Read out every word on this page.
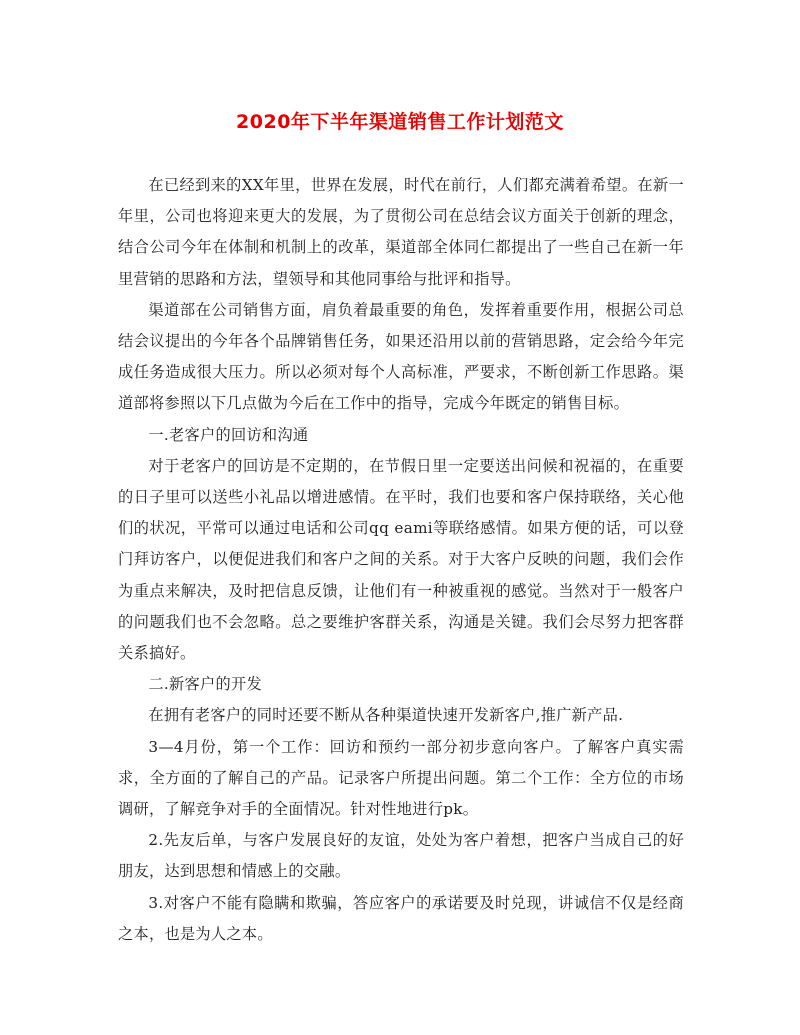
2020年下半年渠道销售工作计划范文

在已经到来的XX年里，世界在发展，时代在前行，人们都充满着希望。在新一年里，公司也将迎来更大的发展，为了贯彻公司在总结会议方面关于创新的理念，结合公司今年在体制和机制上的改革，渠道部全体同仁都提出了一些自己在新一年里营销的思路和方法，望领导和其他同事给与批评和指导。

渠道部在公司销售方面，肩负着最重要的角色，发挥着重要作用，根据公司总结会议提出的今年各个品牌销售任务，如果还沿用以前的营销思路，定会给今年完成任务造成很大压力。所以必须对每个人高标准，严要求，不断创新工作思路。渠道部将参照以下几点做为今后在工作中的指导，完成今年既定的销售目标。

一.老客户的回访和沟通

对于老客户的回访是不定期的，在节假日里一定要送出问候和祝福的，在重要的日子里可以送些小礼品以增进感情。在平时，我们也要和客户保持联络，关心他们的状况，平常可以通过电话和公司qq eami等联络感情。如果方便的话，可以登门拜访客户，以便促进我们和客户之间的关系。对于大客户反映的问题，我们会作为重点来解决，及时把信息反馈，让他们有一种被重视的感觉。当然对于一般客户的问题我们也不会忽略。总之要维护客群关系，沟通是关键。我们会尽努力把客群关系搞好。

二.新客户的开发

在拥有老客户的同时还要不断从各种渠道快速开发新客户,推广新产品.

3—4月份，第一个工作：回访和预约一部分初步意向客户。了解客户真实需求，全方面的了解自己的产品。记录客户所提出问题。第二个工作：全方位的市场调研，了解竞争对手的全面情况。针对性地进行pk。

2.先友后单，与客户发展良好的友谊，处处为客户着想，把客户当成自己的好朋友，达到思想和情感上的交融。

3.对客户不能有隐瞒和欺骗，答应客户的承诺要及时兑现，讲诚信不仅是经商之本，也是为人之本。
